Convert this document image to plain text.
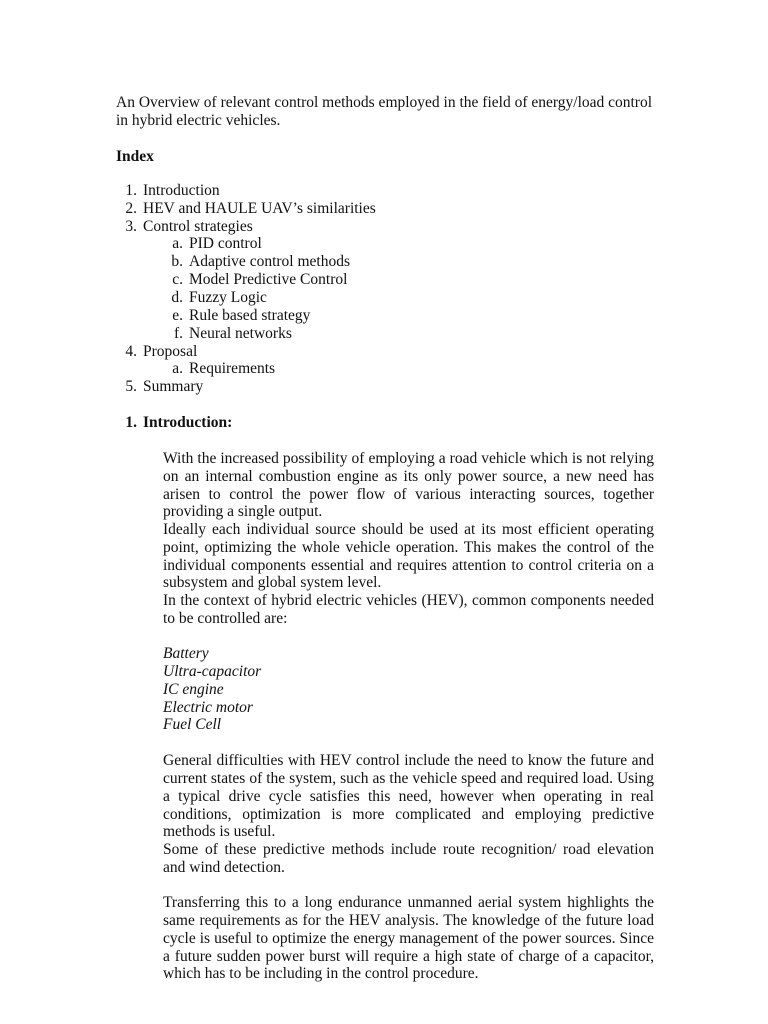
An Overview of relevant control methods employed in the field of energy/load control
in hybrid electric vehicles.
Index
1. Introduction
2. HEV and HAULE UAV’s similarities
3. Control strategies
a. PID control
b. Adaptive control methods
c. Model Predictive Control
d. Fuzzy Logic
e. Rule based strategy
f. Neural networks
4. Proposal
a. Requirements
5. Summary
1. Introduction:
With the increased possibility of employing a road vehicle which is not relying
on an internal combustion engine as its only power source, a new need has
arisen to control the power flow of various interacting sources, together
providing a single output.
Ideally each individual source should be used at its most efficient operating
point, optimizing the whole vehicle operation. This makes the control of the
individual components essential and requires attention to control criteria on a
subsystem and global system level.
In the context of hybrid electric vehicles (HEV), common components needed
to be controlled are:
Battery
Ultra-capacitor
IC engine
Electric motor
Fuel Cell
General difficulties with HEV control include the need to know the future and
current states of the system, such as the vehicle speed and required load. Using
a typical drive cycle satisfies this need, however when operating in real
conditions, optimization is more complicated and employing predictive
methods is useful.
Some of these predictive methods include route recognition/ road elevation
and wind detection.
Transferring this to a long endurance unmanned aerial system highlights the
same requirements as for the HEV analysis. The knowledge of the future load
cycle is useful to optimize the energy management of the power sources. Since
a future sudden power burst will require a high state of charge of a capacitor,
which has to be including in the control procedure.
